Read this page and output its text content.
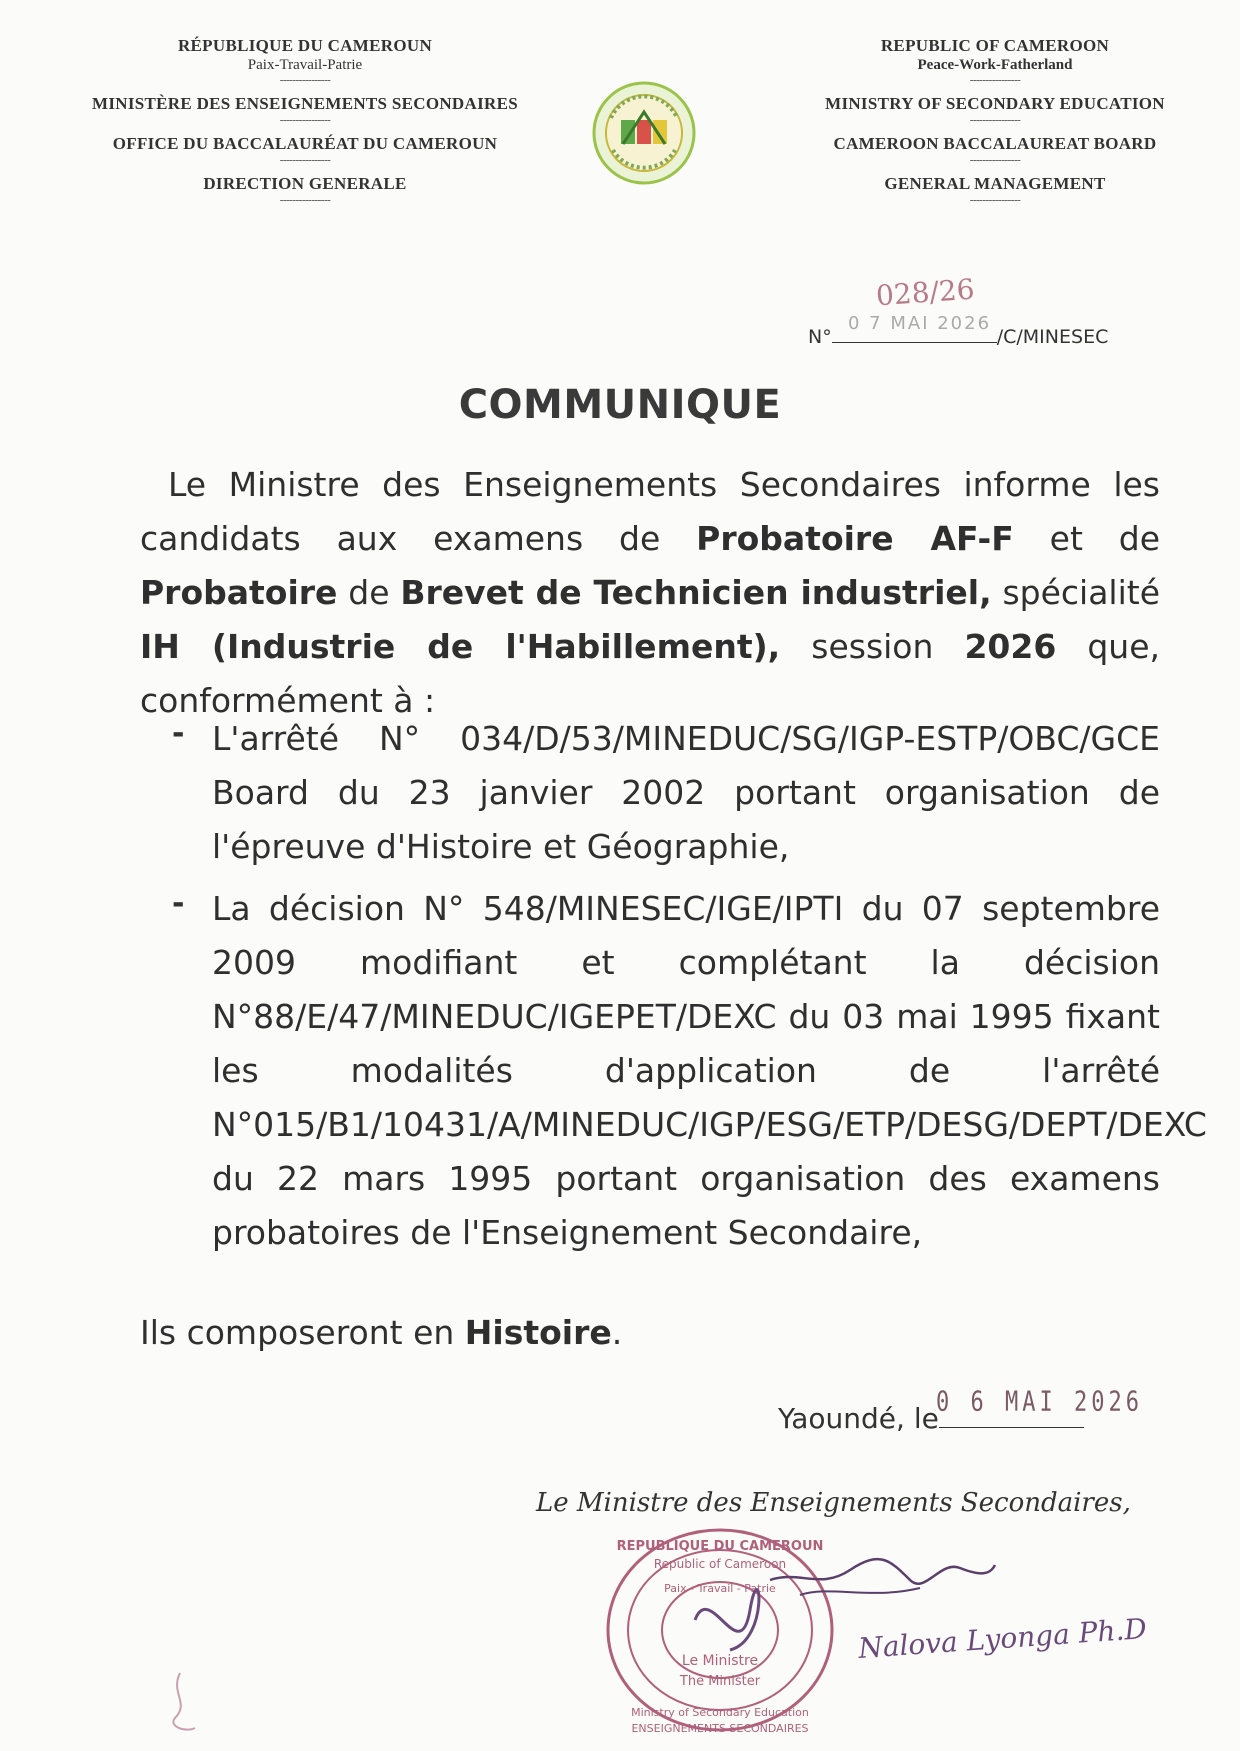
RÉPUBLIQUE DU CAMEROUN
Paix-Travail-Patrie
----------------
MINISTÈRE DES ENSEIGNEMENTS SECONDAIRES
----------------
OFFICE DU BACCALAURÉAT DU CAMEROUN
----------------
DIRECTION GENERALE
----------------
REPUBLIC OF CAMEROON
Peace-Work-Fatherland
----------------
MINISTRY OF SECONDARY EDUCATION
----------------
CAMEROON BACCALAUREAT BOARD
----------------
GENERAL MANAGEMENT
----------------
028/26
0 7 MAI 2026
N°	/C/MINESEC
COMMUNIQUE
Le Ministre des Enseignements Secondaires informe les candidats aux examens de Probatoire AF-F et de Probatoire de Brevet de Technicien industriel, spécialité IH (Industrie de l'Habillement), session 2026 que, conformément à :
- L'arrêté N° 034/D/53/MINEDUC/SG/IGP-ESTP/OBC/GCE Board du 23 janvier 2002 portant organisation de l'épreuve d'Histoire et Géographie,
- La décision N° 548/MINESEC/IGE/IPTI du 07 septembre 2009 modifiant et complétant la décision N°88/E/47/MINEDUC/IGEPET/DEXC du 03 mai 1995 fixant les modalités d'application de l'arrêté N°015/B1/10431/A/MINEDUC/IGP/ESG/ETP/DESG/DEPT/DEXC du 22 mars 1995 portant organisation des examens probatoires de l'Enseignement Secondaire,
Ils composeront en Histoire.
0 6 MAI 2026
Yaoundé, le
Le Ministre des Enseignements Secondaires,
REPUBLIQUE DU CAMEROUN
Republic of Cameroon
Paix - Travail - Patrie
Le Ministre
The Minister
Ministry of Secondary Education
ENSEIGNEMENTS SECONDAIRES
Nalova Lyonga Ph.D
